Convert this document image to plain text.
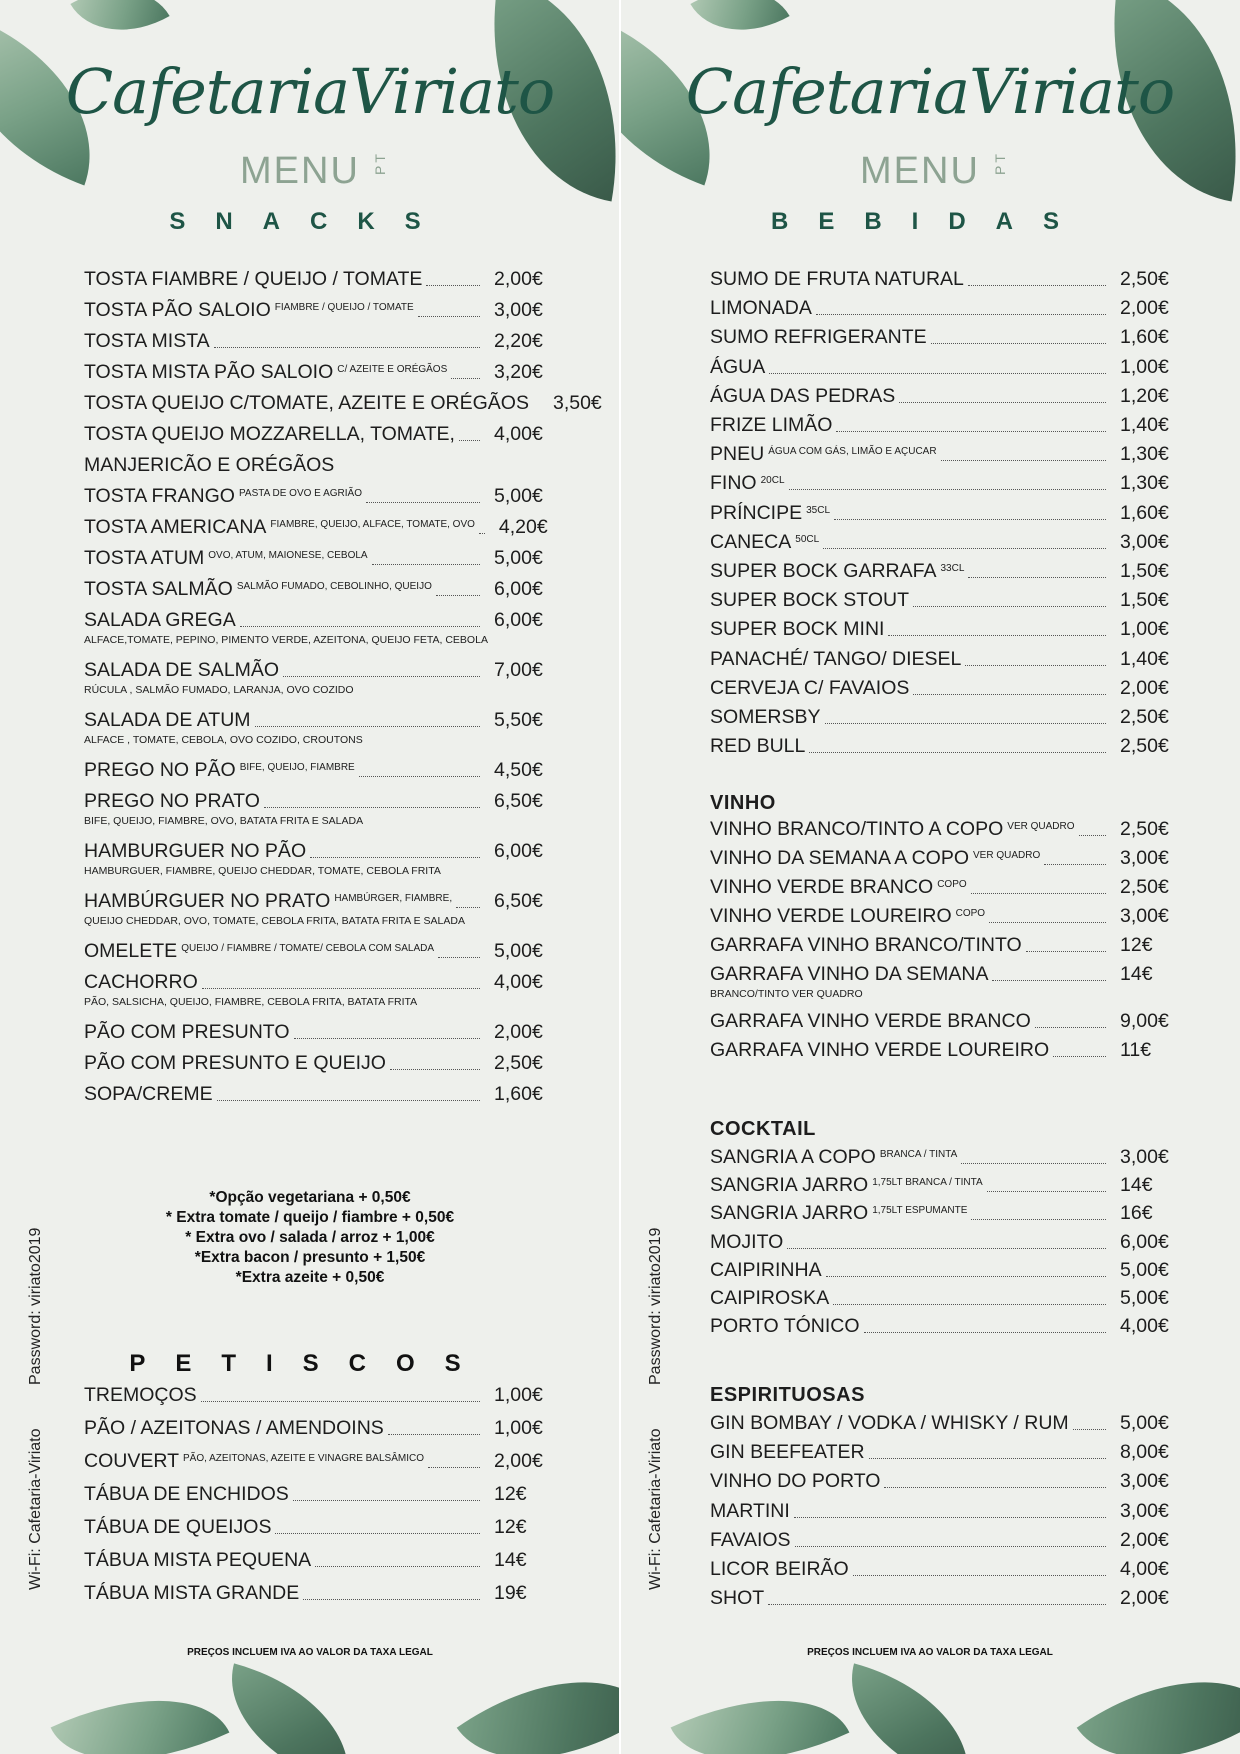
CafetariaViriato
MENU PT
SNACKS
TOSTA FIAMBRE / QUEIJO / TOMATE	2,00€
TOSTA PÃO SALOIO FIAMBRE / QUEIJO / TOMATE	3,00€
TOSTA MISTA	2,20€
TOSTA MISTA PÃO SALOIO C/ AZEITE E ORÉGÃOS	3,20€
TOSTA QUEIJO C/TOMATE, AZEITE E ORÉGÃOS	3,50€
TOSTA QUEIJO MOZZARELLA, TOMATE,	4,00€
MANJERICÃO E ORÉGÃOS
TOSTA FRANGO PASTA DE OVO E AGRIÃO	5,00€
TOSTA AMERICANA FIAMBRE, QUEIJO, ALFACE, TOMATE, OVO	4,20€
TOSTA ATUM OVO, ATUM, MAIONESE, CEBOLA	5,00€
TOSTA SALMÃO SALMÃO FUMADO, CEBOLINHO, QUEIJO	6,00€
SALADA GREGA	6,00€
ALFACE,TOMATE, PEPINO, PIMENTO VERDE, AZEITONA, QUEIJO FETA, CEBOLA
SALADA DE SALMÃO	7,00€
RÚCULA , SALMÃO FUMADO, LARANJA, OVO COZIDO
SALADA DE ATUM	5,50€
ALFACE , TOMATE, CEBOLA, OVO COZIDO, CROUTONS
PREGO NO PÃO BIFE, QUEIJO, FIAMBRE	4,50€
PREGO NO PRATO	6,50€
BIFE, QUEIJO, FIAMBRE, OVO, BATATA FRITA E SALADA
HAMBURGUER NO PÃO	6,00€
HAMBURGUER, FIAMBRE, QUEIJO CHEDDAR, TOMATE, CEBOLA FRITA
HAMBÚRGUER NO PRATO HAMBÚRGER, FIAMBRE,	6,50€
QUEIJO CHEDDAR, OVO, TOMATE, CEBOLA FRITA, BATATA FRITA E SALADA
OMELETE QUEIJO / FIAMBRE / TOMATE/ CEBOLA COM SALADA	5,00€
CACHORRO	4,00€
PÃO, SALSICHA, QUEIJO, FIAMBRE, CEBOLA FRITA, BATATA FRITA
PÃO COM PRESUNTO	2,00€
PÃO COM PRESUNTO E QUEIJO	2,50€
SOPA/CREME	1,60€
*Opção vegetariana + 0,50€
* Extra tomate / queijo / fiambre + 0,50€
* Extra ovo / salada / arroz + 1,00€
*Extra bacon / presunto + 1,50€
*Extra azeite + 0,50€
PETISCOS
TREMOÇOS	1,00€
PÃO / AZEITONAS / AMENDOINS	1,00€
COUVERT PÃO, AZEITONAS, AZEITE E VINAGRE BALSÂMICO	2,00€
TÁBUA DE ENCHIDOS	12€
TÁBUA DE QUEIJOS	12€
TÁBUA MISTA PEQUENA	14€
TÁBUA MISTA GRANDE	19€
Wi-Fi: Cafetaria-Viriato
Password: viriato2019
PREÇOS INCLUEM IVA AO VALOR DA TAXA LEGAL
CafetariaViriato
MENU PT
BEBIDAS
SUMO DE FRUTA NATURAL	2,50€
LIMONADA	2,00€
SUMO REFRIGERANTE	1,60€
ÁGUA	1,00€
ÁGUA DAS PEDRAS	1,20€
FRIZE LIMÃO	1,40€
PNEU ÁGUA COM GÁS, LIMÃO E AÇUCAR	1,30€
FINO 20CL	1,30€
PRÍNCIPE 35CL	1,60€
CANECA 50CL	3,00€
SUPER BOCK GARRAFA 33CL	1,50€
SUPER BOCK STOUT	1,50€
SUPER BOCK MINI	1,00€
PANACHÉ/ TANGO/ DIESEL	1,40€
CERVEJA C/ FAVAIOS	2,00€
SOMERSBY	2,50€
RED BULL	2,50€
VINHO
VINHO BRANCO/TINTO A COPO VER QUADRO	2,50€
VINHO DA SEMANA A COPO VER QUADRO	3,00€
VINHO VERDE BRANCO COPO	2,50€
VINHO VERDE LOUREIRO COPO	3,00€
GARRAFA VINHO BRANCO/TINTO	12€
GARRAFA VINHO DA SEMANA	14€
BRANCO/TINTO VER QUADRO
GARRAFA VINHO VERDE BRANCO	9,00€
GARRAFA VINHO VERDE LOUREIRO	11€
COCKTAIL
SANGRIA A COPO BRANCA / TINTA	3,00€
SANGRIA JARRO 1,75LT BRANCA / TINTA	14€
SANGRIA JARRO 1,75LT ESPUMANTE	16€
MOJITO	6,00€
CAIPIRINHA	5,00€
CAIPIROSKA	5,00€
PORTO TÓNICO	4,00€
ESPIRITUOSAS
GIN BOMBAY / VODKA / WHISKY / RUM	5,00€
GIN BEEFEATER	8,00€
VINHO DO PORTO	3,00€
MARTINI	3,00€
FAVAIOS	2,00€
LICOR BEIRÃO	4,00€
SHOT	2,00€
Wi-Fi: Cafetaria-Viriato
Password: viriato2019
PREÇOS INCLUEM IVA AO VALOR DA TAXA LEGAL
